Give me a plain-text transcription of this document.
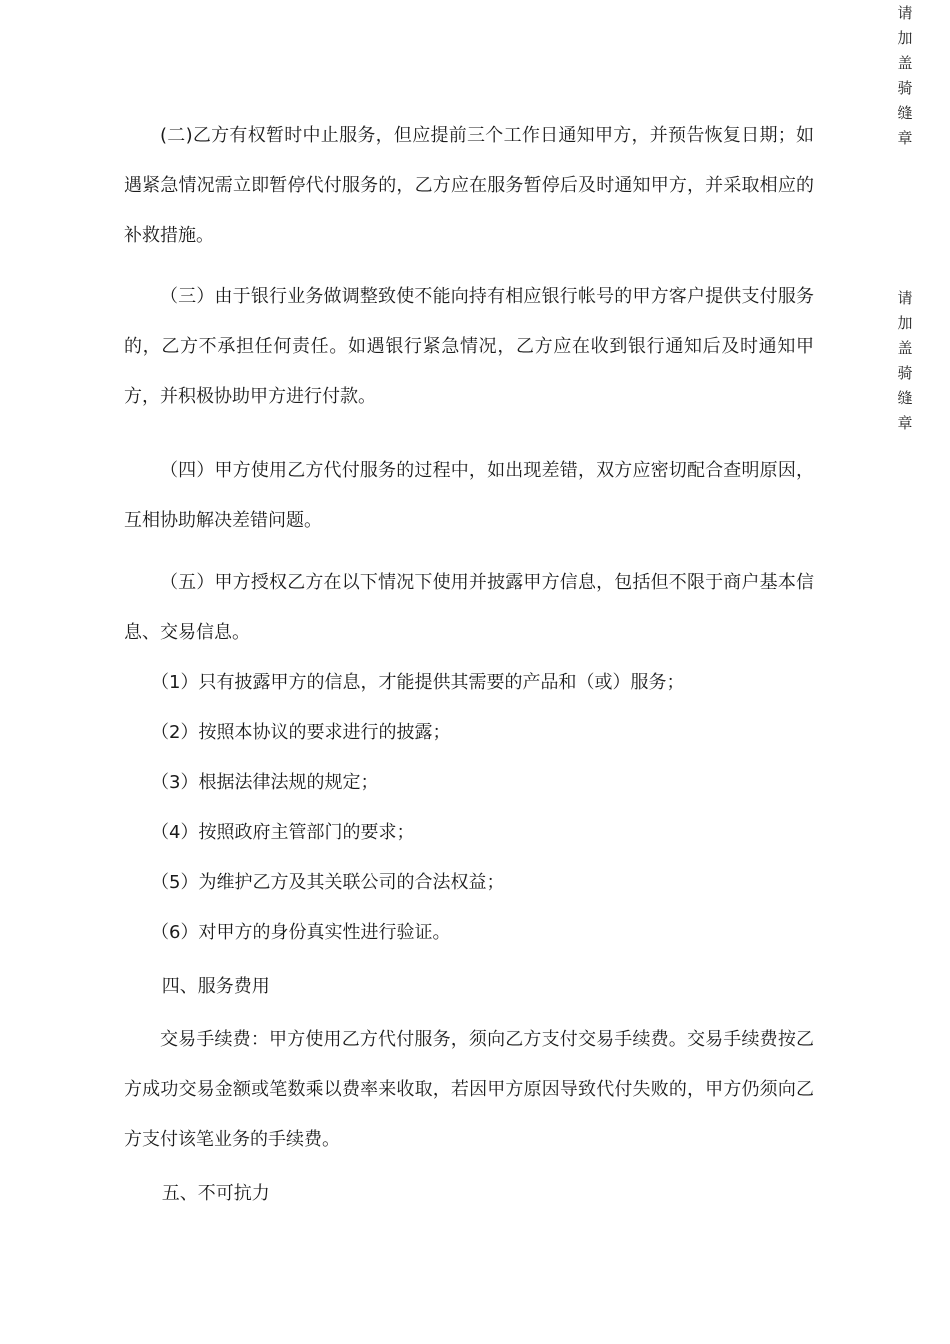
请
加
盖
骑
缝
章
请
加
盖
骑
缝
章

(二)乙方有权暂时中止服务，但应提前三个工作日通知甲方，并预告恢复日期；如遇紧急情况需立即暂停代付服务的，乙方应在服务暂停后及时通知甲方，并采取相应的补救措施。

（三）由于银行业务做调整致使不能向持有相应银行帐号的甲方客户提供支付服务的，乙方不承担任何责任。如遇银行紧急情况，乙方应在收到银行通知后及时通知甲方，并积极协助甲方进行付款。

（四）甲方使用乙方代付服务的过程中，如出现差错，双方应密切配合查明原因，互相协助解决差错问题。

（五）甲方授权乙方在以下情况下使用并披露甲方信息，包括但不限于商户基本信息、交易信息。

（1）只有披露甲方的信息，才能提供其需要的产品和（或）服务；

（2）按照本协议的要求进行的披露；

（3）根据法律法规的规定；

（4）按照政府主管部门的要求；

（5）为维护乙方及其关联公司的合法权益；

（6）对甲方的身份真实性进行验证。

四、服务费用

交易手续费：甲方使用乙方代付服务，须向乙方支付交易手续费。交易手续费按乙方成功交易金额或笔数乘以费率来收取，若因甲方原因导致代付失败的，甲方仍须向乙方支付该笔业务的手续费。

五、不可抗力
